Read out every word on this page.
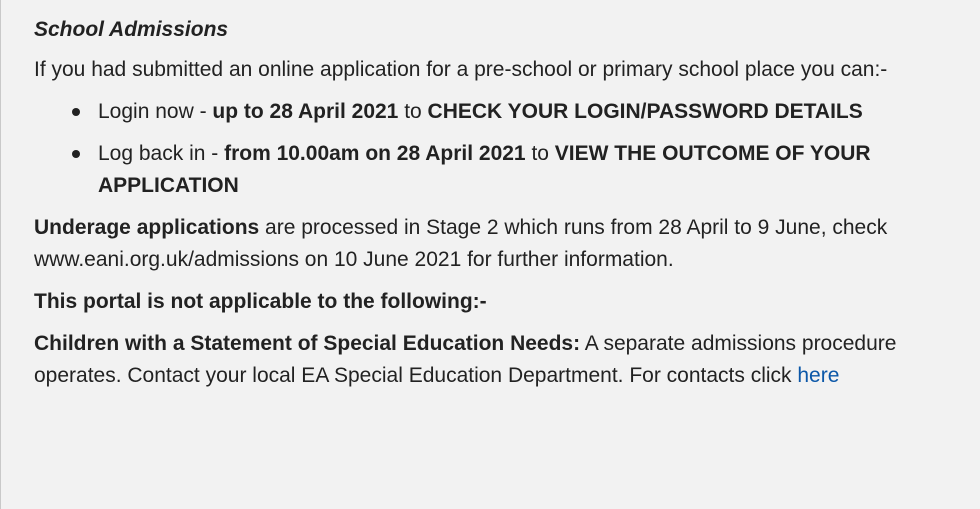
School Admissions
If you had submitted an online application for a pre-school or primary school place you can:-
Login now - up to 28 April 2021 to CHECK YOUR LOGIN/PASSWORD DETAILS
Log back in - from 10.00am on 28 April 2021 to VIEW THE OUTCOME OF YOUR APPLICATION
Underage applications are processed in Stage 2 which runs from 28 April to 9 June, check www.eani.org.uk/admissions on 10 June 2021 for further information.
This portal is not applicable to the following:-
Children with a Statement of Special Education Needs: A separate admissions procedure operates. Contact your local EA Special Education Department. For contacts click here
